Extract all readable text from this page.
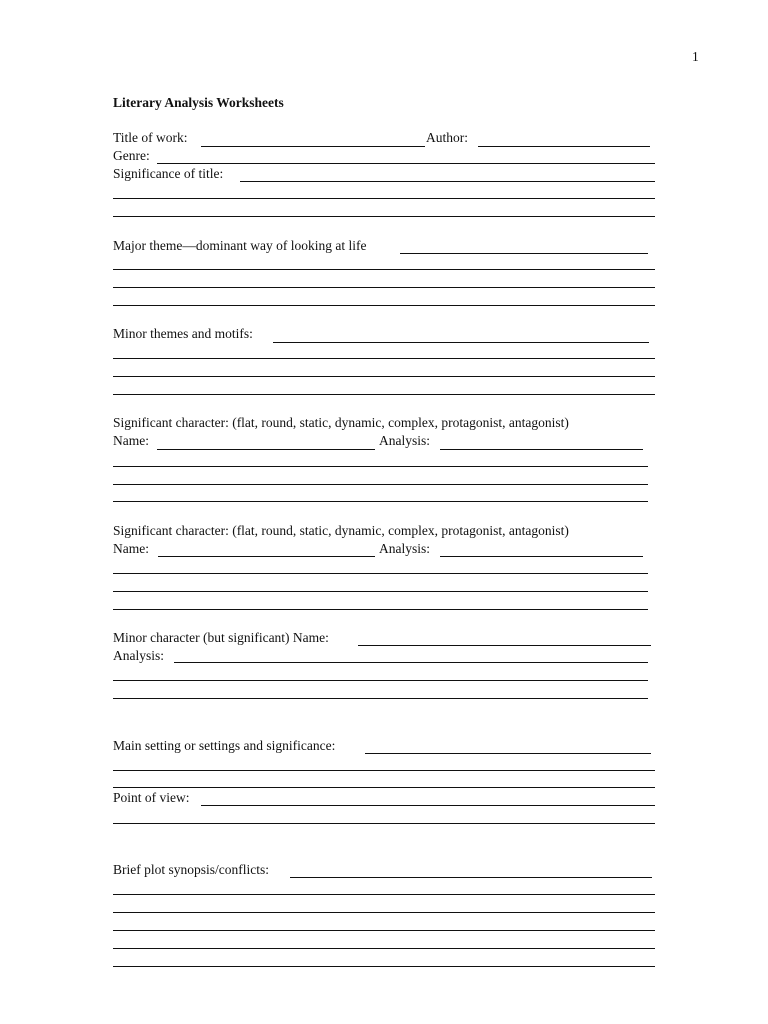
1
Literary Analysis Worksheets
Title of work:	Author:
Genre:
Significance of title:
Major theme—dominant way of looking at life
Minor themes and motifs:
Significant character: (flat, round, static, dynamic, complex, protagonist, antagonist)
Name:	Analysis:
Significant character: (flat, round, static, dynamic, complex, protagonist, antagonist)
Name:	Analysis:
Minor character (but significant) Name:
Analysis:
Main setting or settings and significance:
Point of view:
Brief plot synopsis/conflicts:
